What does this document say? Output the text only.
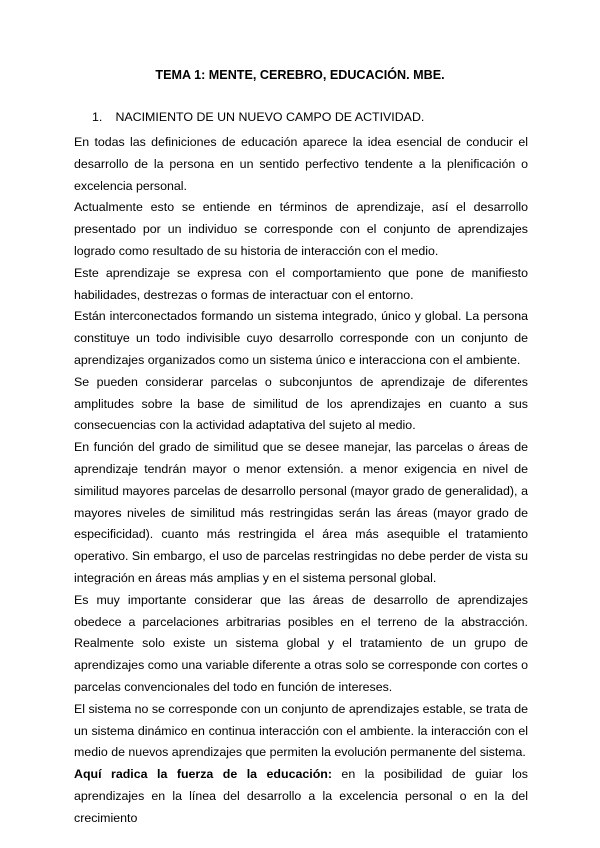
TEMA 1: MENTE, CEREBRO, EDUCACIÓN. MBE.
1. NACIMIENTO DE UN NUEVO CAMPO DE ACTIVIDAD.

En todas las definiciones de educación aparece la idea esencial de conducir el desarrollo de la persona en un sentido perfectivo tendente a la plenificación o excelencia personal.

Actualmente esto se entiende en términos de aprendizaje, así el desarrollo presentado por un individuo se corresponde con el conjunto de aprendizajes logrado como resultado de su historia de interacción con el medio.

Este aprendizaje se expresa con el comportamiento que pone de manifiesto habilidades, destrezas o formas de interactuar con el entorno.

Están interconectados formando un sistema integrado, único y global. La persona constituye un todo indivisible cuyo desarrollo corresponde con un conjunto de aprendizajes organizados como un sistema único e interacciona con el ambiente.

Se pueden considerar parcelas o subconjuntos de aprendizaje de diferentes amplitudes sobre la base de similitud de los aprendizajes en cuanto a sus consecuencias con la actividad adaptativa del sujeto al medio.

En función del grado de similitud que se desee manejar, las parcelas o áreas de aprendizaje tendrán mayor o menor extensión. a menor exigencia en nivel de similitud mayores parcelas de desarrollo personal (mayor grado de generalidad), a mayores niveles de similitud más restringidas serán las áreas (mayor grado de especificidad). cuanto más restringida el área más asequible el tratamiento operativo. Sin embargo, el uso de parcelas restringidas no debe perder de vista su integración en áreas más amplias y en el sistema personal global.

Es muy importante considerar que las áreas de desarrollo de aprendizajes obedece a parcelaciones arbitrarias posibles en el terreno de la abstracción. Realmente solo existe un sistema global y el tratamiento de un grupo de aprendizajes como una variable diferente a otras solo se corresponde con cortes o parcelas convencionales del todo en función de intereses.

El sistema no se corresponde con un conjunto de aprendizajes estable, se trata de un sistema dinámico en continua interacción con el ambiente. la interacción con el medio de nuevos aprendizajes que permiten la evolución permanente del sistema.

Aquí radica la fuerza de la educación: en la posibilidad de guiar los aprendizajes en la línea del desarrollo a la excelencia personal o en la del crecimiento
